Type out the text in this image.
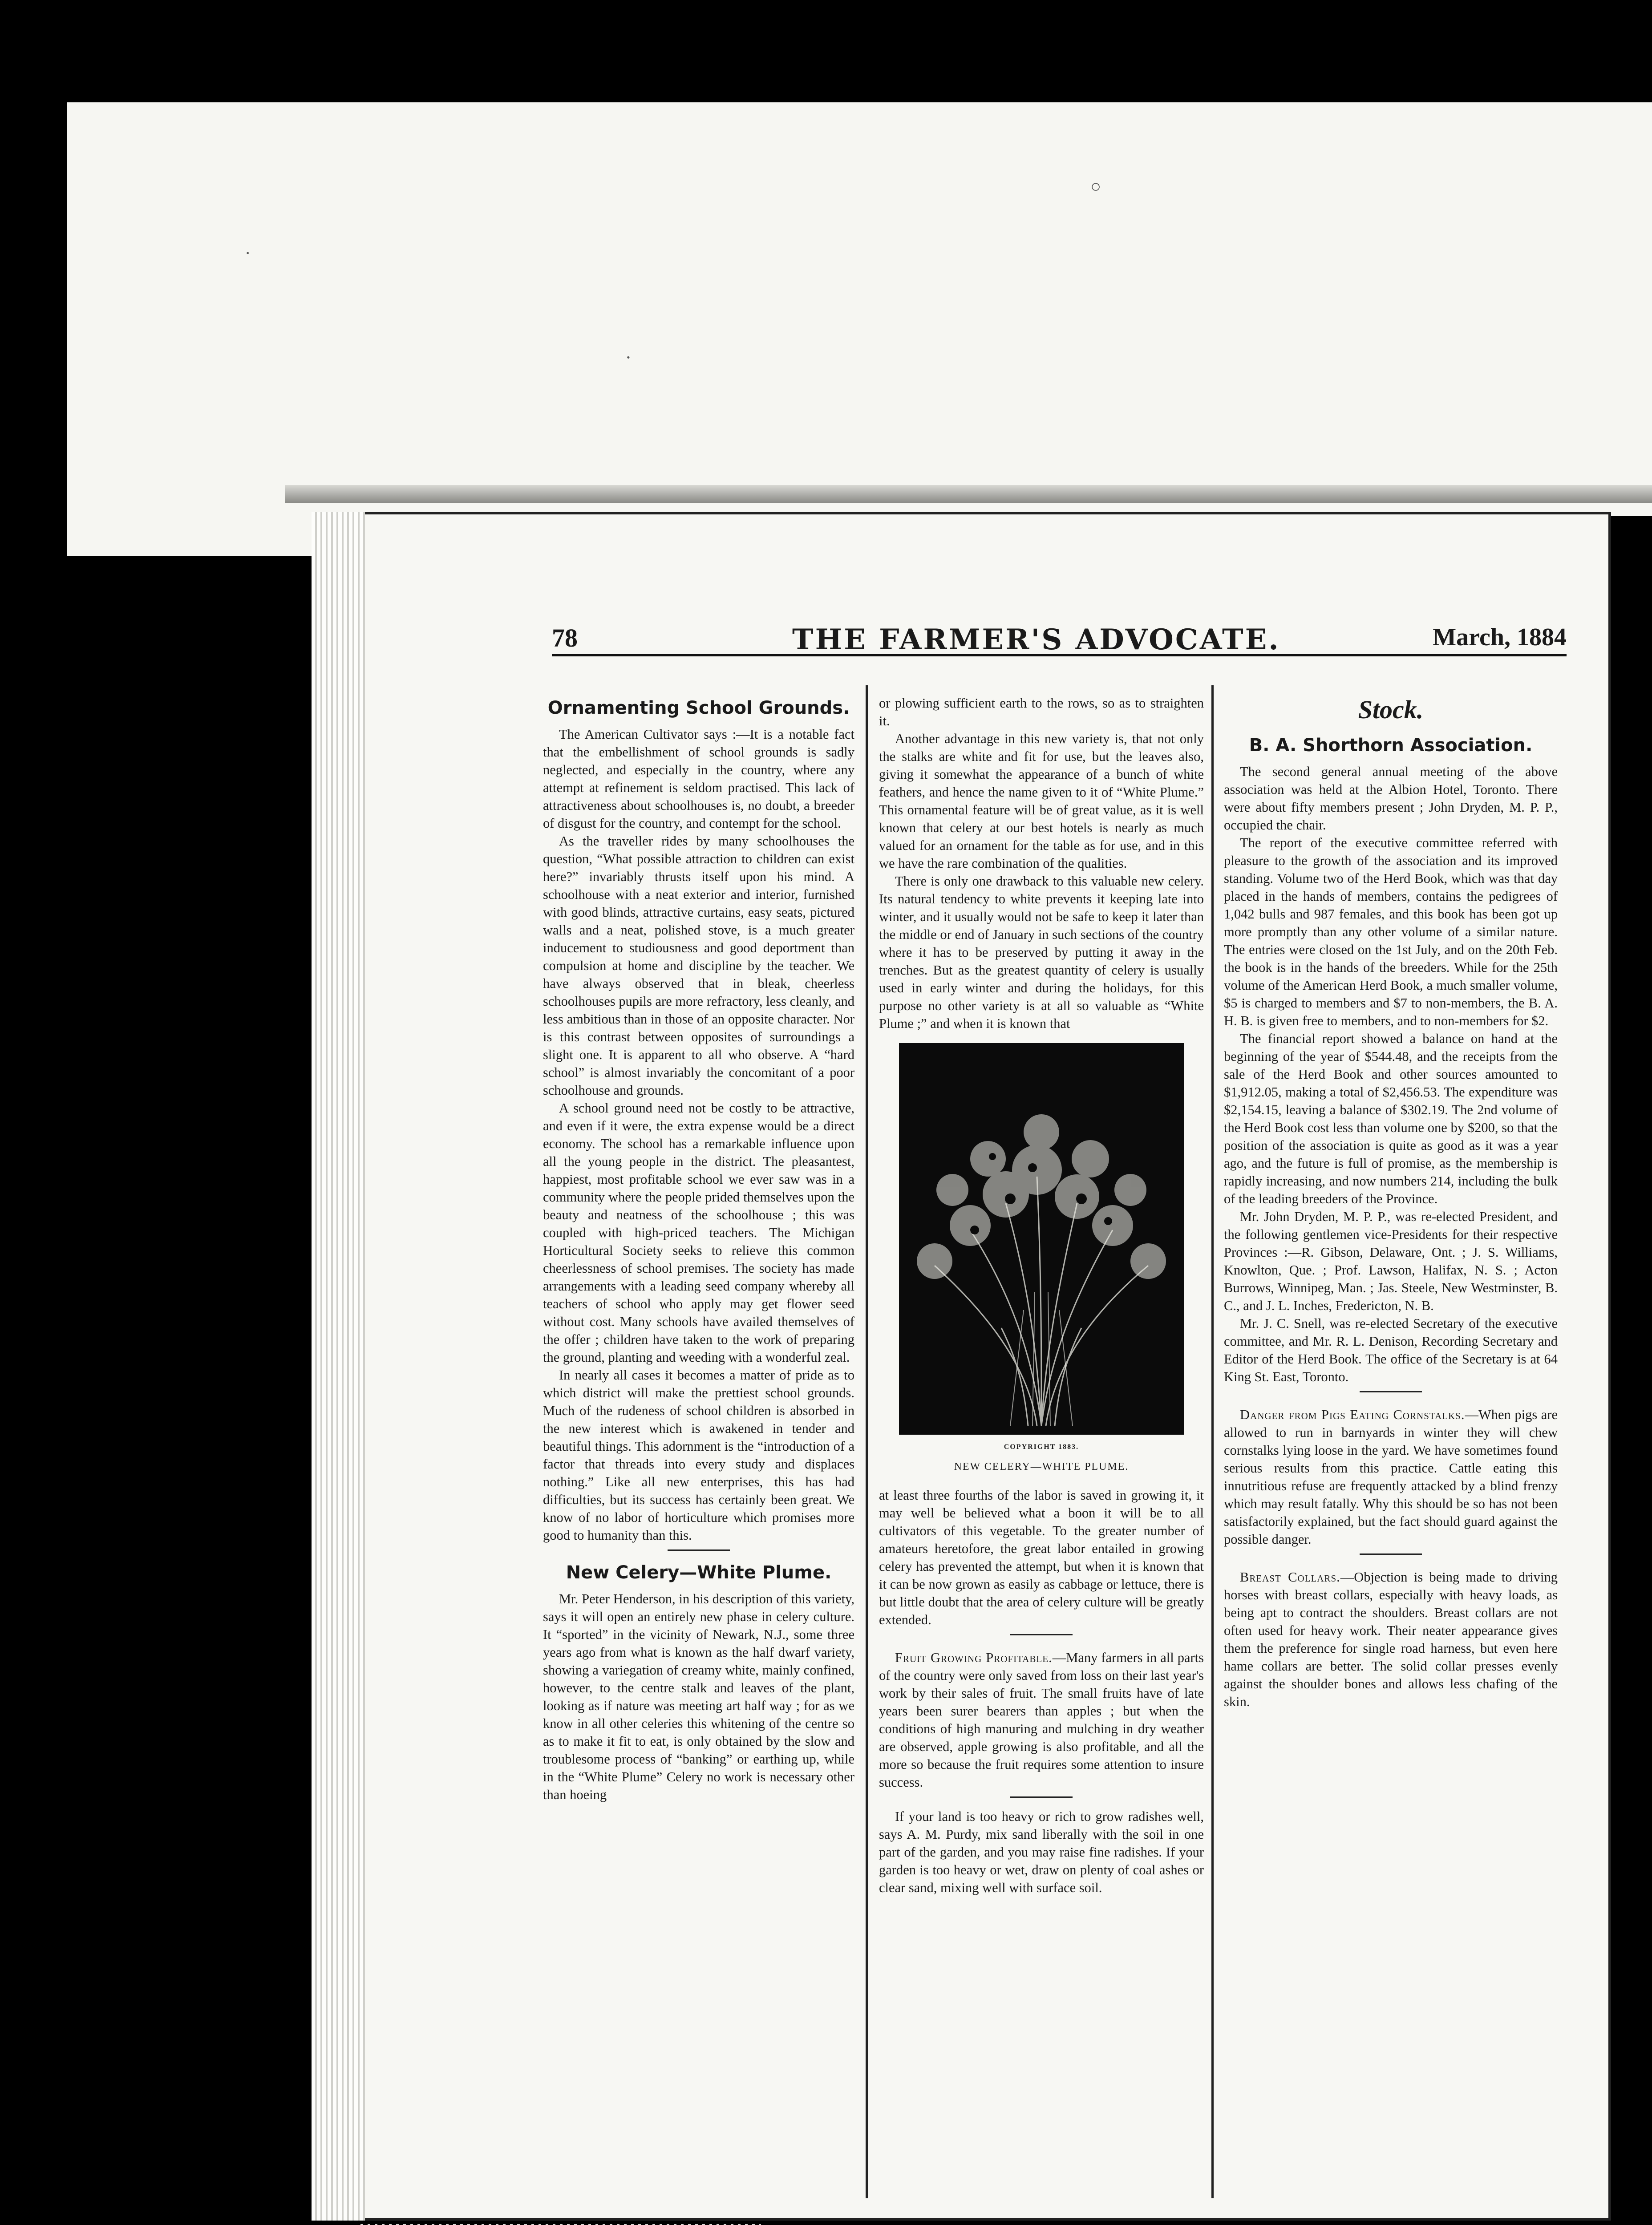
○
·
⋅
78	THE FARMER'S ADVOCATE.	March, 1884
Ornamenting School Grounds.

The American Cultivator says :—It is a notable fact that the embellishment of school grounds is sadly neglected, and especially in the country, where any attempt at refinement is seldom practised. This lack of attractiveness about schoolhouses is, no doubt, a breeder of disgust for the country, and contempt for the school.

As the traveller rides by many schoolhouses the question, “What possible attraction to children can exist here?” invariably thrusts itself upon his mind. A schoolhouse with a neat exterior and interior, furnished with good blinds, attractive curtains, easy seats, pictured walls and a neat, polished stove, is a much greater inducement to studiousness and good deportment than compulsion at home and discipline by the teacher. We have always observed that in bleak, cheerless schoolhouses pupils are more refractory, less cleanly, and less ambitious than in those of an opposite character. Nor is this contrast between opposites of surroundings a slight one. It is apparent to all who observe. A “hard school” is almost invariably the concomitant of a poor schoolhouse and grounds.

A school ground need not be costly to be attractive, and even if it were, the extra expense would be a direct economy. The school has a remarkable influence upon all the young people in the district. The pleasantest, happiest, most profitable school we ever saw was in a community where the people prided themselves upon the beauty and neatness of the schoolhouse ; this was coupled with high-priced teachers. The Michigan Horticultural Society seeks to relieve this common cheerlessness of school premises. The society has made arrangements with a leading seed company whereby all teachers of school who apply may get flower seed without cost. Many schools have availed themselves of the offer ; children have taken to the work of preparing the ground, planting and weeding with a wonderful zeal.

In nearly all cases it becomes a matter of pride as to which district will make the prettiest school grounds. Much of the rudeness of school children is absorbed in the new interest which is awakened in tender and beautiful things. This adornment is the “introduction of a factor that threads into every study and displaces nothing.” Like all new enterprises, this has had difficulties, but its success has certainly been great. We know of no labor of horticulture which promises more good to humanity than this.

New Celery—White Plume.

Mr. Peter Henderson, in his description of this variety, says it will open an entirely new phase in celery culture. It “sported” in the vicinity of Newark, N.J., some three years ago from what is known as the half dwarf variety, showing a variegation of creamy white, mainly confined, however, to the centre stalk and leaves of the plant, looking as if nature was meeting art half way ; for as we know in all other celeries this whitening of the centre so as to make it fit to eat, is only obtained by the slow and troublesome process of “banking” or earthing up, while in the “White Plume” Celery no work is necessary other than hoeing

or plowing sufficient earth to the rows, so as to straighten it.

Another advantage in this new variety is, that not only the stalks are white and fit for use, but the leaves also, giving it somewhat the appearance of a bunch of white feathers, and hence the name given to it of “White Plume.” This ornamental feature will be of great value, as it is well known that celery at our best hotels is nearly as much valued for an ornament for the table as for use, and in this we have the rare combination of the qualities.

There is only one drawback to this valuable new celery. Its natural tendency to white prevents it keeping late into winter, and it usually would not be safe to keep it later than the middle or end of January in such sections of the country where it has to be preserved by putting it away in the trenches. But as the greatest quantity of celery is usually used in early winter and during the holidays, for this purpose no other variety is at all so valuable as “White Plume ;” and when it is known that

COPYRIGHT 1883.
NEW CELERY—WHITE PLUME.

at least three fourths of the labor is saved in growing it, it may well be believed what a boon it will be to all cultivators of this vegetable. To the greater number of amateurs heretofore, the great labor entailed in growing celery has prevented the attempt, but when it is known that it can be now grown as easily as cabbage or lettuce, there is but little doubt that the area of celery culture will be greatly extended.

Fruit Growing Profitable.—Many farmers in all parts of the country were only saved from loss on their last year's work by their sales of fruit. The small fruits have of late years been surer bearers than apples ; but when the conditions of high manuring and mulching in dry weather are observed, apple growing is also profitable, and all the more so because the fruit requires some attention to insure success.

If your land is too heavy or rich to grow radishes well, says A. M. Purdy, mix sand liberally with the soil in one part of the garden, and you may raise fine radishes. If your garden is too heavy or wet, draw on plenty of coal ashes or clear sand, mixing well with surface soil.

Stock.
B. A. Shorthorn Association.

The second general annual meeting of the above association was held at the Albion Hotel, Toronto. There were about fifty members present ; John Dryden, M. P. P., occupied the chair.

The report of the executive committee referred with pleasure to the growth of the association and its improved standing. Volume two of the Herd Book, which was that day placed in the hands of members, contains the pedigrees of 1,042 bulls and 987 females, and this book has been got up more promptly than any other volume of a similar nature. The entries were closed on the 1st July, and on the 20th Feb. the book is in the hands of the breeders. While for the 25th volume of the American Herd Book, a much smaller volume, $5 is charged to members and $7 to non-members, the B. A. H. B. is given free to members, and to non-members for $2.

The financial report showed a balance on hand at the beginning of the year of $544.48, and the receipts from the sale of the Herd Book and other sources amounted to $1,912.05, making a total of $2,456.53. The expenditure was $2,154.15, leaving a balance of $302.19. The 2nd volume of the Herd Book cost less than volume one by $200, so that the position of the association is quite as good as it was a year ago, and the future is full of promise, as the membership is rapidly increasing, and now numbers 214, including the bulk of the leading breeders of the Province.

Mr. John Dryden, M. P. P., was re-elected President, and the following gentlemen vice-Presidents for their respective Provinces :—R. Gibson, Delaware, Ont. ; J. S. Williams, Knowlton, Que. ; Prof. Lawson, Halifax, N. S. ; Acton Burrows, Winnipeg, Man. ; Jas. Steele, New Westminster, B. C., and J. L. Inches, Fredericton, N. B.

Mr. J. C. Snell, was re-elected Secretary of the executive committee, and Mr. R. L. Denison, Recording Secretary and Editor of the Herd Book. The office of the Secretary is at 64 King St. East, Toronto.

Danger from Pigs Eating Cornstalks.—When pigs are allowed to run in barnyards in winter they will chew cornstalks lying loose in the yard. We have sometimes found serious results from this practice. Cattle eating this innutritious refuse are frequently attacked by a blind frenzy which may result fatally. Why this should be so has not been satisfactorily explained, but the fact should guard against the possible danger.

Breast Collars.—Objection is being made to driving horses with breast collars, especially with heavy loads, as being apt to contract the shoulders. Breast collars are not often used for heavy work. Their neater appearance gives them the preference for single road harness, but even here hame collars are better. The solid collar presses evenly against the shoulder bones and allows less chafing of the skin.
